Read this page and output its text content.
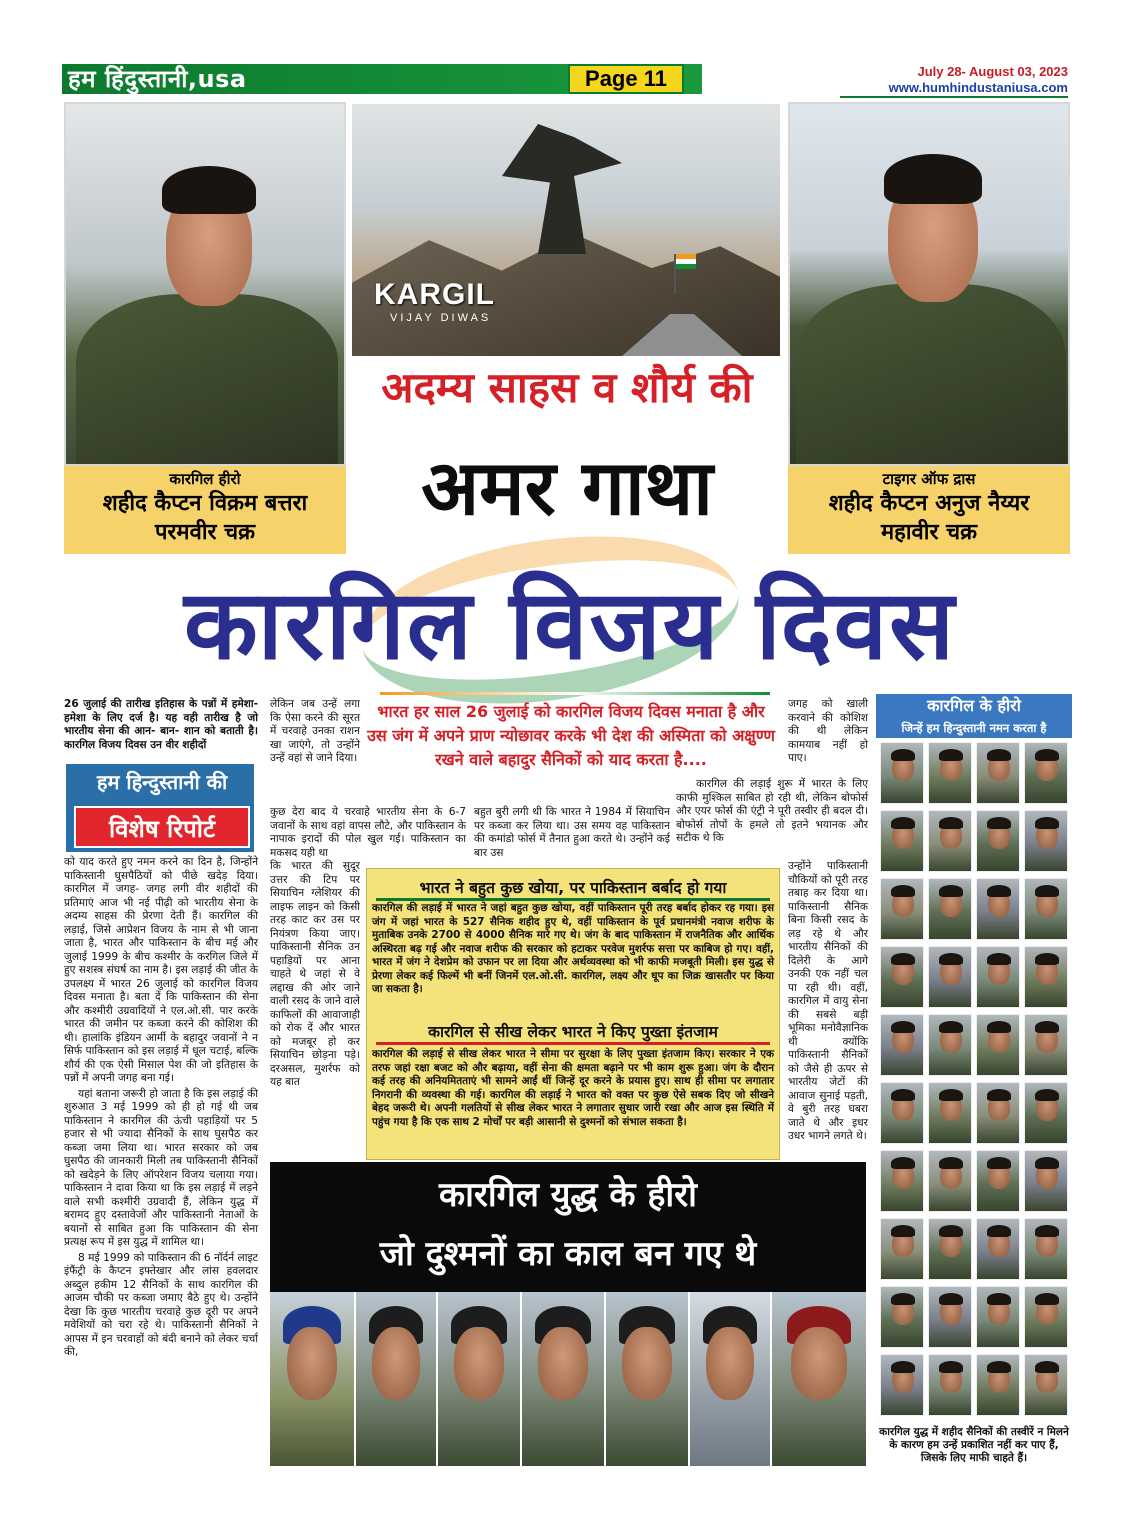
हम हिंदुस्तानी,usa	Page 11	July 28- August 03, 2023
www.humhindustaniusa.com
कारगिल हीरो
शहीद कैप्टन विक्रम बत्तरा
परमवीर चक्र
टाइगर ऑफ द्रास
शहीद कैप्टन अनुज नैय्यर
महावीर चक्र
KARGIL
VIJAY DIWAS
अदम्य साहस व शौर्य की
अमर गाथा
कारगिल विजय दिवस
26 जुलाई की तारीख इतिहास के पन्नों में हमेशा- हमेशा के लिए दर्ज है। यह वही तारीख है जो भारतीय सेना की आन- बान- शान को बताती है। कारगिल विजय दिवस उन वीर शहीदों
हम हिन्दुस्तानी की
विशेष रिपोर्ट

को याद करते हुए नमन करने का दिन है, जिन्होंने पाकिस्तानी घुसपैठियों को पीछे खदेड़ दिया। कारगिल में जगह- जगह लगी वीर शहीदों की प्रतिमाएं आज भी नई पीढ़ी को भारतीय सेना के अदम्य साहस की प्रेरणा देती हैं। कारगिल की लड़ाई, जिसे आप्रेशन विजय के नाम से भी जाना जाता है, भारत और पाकिस्तान के बीच मई और जुलाई 1999 के बीच कश्मीर के करगिल जिले में हुए सशस्त्र संघर्ष का नाम है। इस लड़ाई की जीत के उपलक्ष्य में भारत 26 जुलाई को कारगिल विजय दिवस मनाता है। बता दें कि पाकिस्तान की सेना और कश्मीरी उग्रवादियों ने एल.ओ.सी. पार करके भारत की जमीन पर कब्जा करने की कोशिश की थी। हालांकि इंडियन आर्मी के बहादुर जवानों ने न सिर्फ पाकिस्तान को इस लड़ाई में धूल चटाई, बल्कि शौर्य की एक ऐसी मिसाल पेश की जो इतिहास के पन्नों में अपनी जगह बना गई।

यहां बताना जरूरी हो जाता है कि इस लड़ाई की शुरुआत 3 मई 1999 को ही हो गई थी जब पाकिस्तान ने कारगिल की ऊंची पहाड़ियों पर 5 हजार से भी ज्यादा सैनिकों के साथ घुसपैठ कर कब्जा जमा लिया था। भारत सरकार को जब घुसपैठ की जानकारी मिली तब पाकिस्तानी सैनिकों को खदेड़ने के लिए ऑपरेशन विजय चलाया गया। पाकिस्तान ने दावा किया था कि इस लड़ाई में लड़ने वाले सभी कश्मीरी उग्रवादी हैं, लेकिन युद्ध में बरामद हुए दस्तावेजों और पाकिस्तानी नेताओं के बयानों से साबित हुआ कि पाकिस्तान की सेना प्रत्यक्ष रूप में इस युद्ध में शामिल था।

8 मई 1999 को पाकिस्तान की 6 नॉर्दर्न लाइट इंफैंट्री के कैप्टन इफ्तेखार और लांस हवलदार अब्दुल हकीम 12 सैनिकों के साथ कारगिल की आजम चौकी पर कब्जा जमाए बैठे हुए थे। उन्होंने देखा कि कुछ भारतीय चरवाहे कुछ दूरी पर अपने मवेशियों को चरा रहे थे। पाकिस्तानी सैनिकों ने आपस में इन चरवाहों को बंदी बनाने को लेकर चर्चा की,

लेकिन जब उन्हें लगा कि ऐसा करने की सूरत में चरवाहे उनका राशन खा जाएंगे, तो उन्होंने उन्हें वहां से जाने दिया।
भारत हर साल 26 जुलाई को कारगिल विजय दिवस मनाता है और उस जंग में अपने प्राण न्योछावर करके भी देश की अस्मिता को अक्षुण्ण रखने वाले बहादुर सैनिकों को याद करता है....
कुछ देरा बाद ये चरवाहे भारतीय सेना के 6-7 जवानों के साथ वहां वापस लौटे, और पाकिस्तान के नापाक इरादों की पोल खुल गई। पाकिस्तान का मकसद यही था
कि भारत की सुदूर उत्तर की टिप पर सियाचिन ग्लेशियर की लाइफ लाइन को किसी तरह काट कर उस पर नियंत्रण किया जाए। पाकिस्तानी सैनिक उन पहाड़ियों पर आना चाहते थे जहां से वे लद्दाख की ओर जाने वाली रसद के जाने वाले काफिलों की आवाजाही को रोक दें और भारत को मजबूर हो कर सियाचिन छोड़ना पड़े। दरअसल, मुशर्रफ को यह बात
बहुत बुरी लगी थी कि भारत ने 1984 में सियाचिन पर कब्जा कर लिया था। उस समय वह पाकिस्तान की कमांडो फोर्स में तैनात हुआ करते थे। उन्होंने कई बार उस
जगह को खाली करवाने की कोशिश की थी लेकिन कामयाब नहीं हो पाए।
कारगिल की लड़ाई शुरू में भारत के लिए काफी मुश्किल साबित हो रही थी, लेकिन बोफोर्स और एयर फोर्स की एंट्री ने पूरी तस्वीर ही बदल दी। बोफोर्स तोपों के हमले तो इतने भयानक और सटीक थे कि
उन्होंने पाकिस्तानी चौकियों को पूरी तरह तबाह कर दिया था। पाकिस्तानी सैनिक बिना किसी रसद के लड़ रहे थे और भारतीय सैनिकों की दिलेरी के आगे उनकी एक नहीं चल पा रही थी। वहीं, कारगिल में वायु सेना की सबसे बड़ी भूमिका मनोवैज्ञानिक थी क्योंकि पाकिस्तानी सैनिकों को जैसे ही ऊपर से भारतीय जेटों की आवाज सुनाई पड़ती, वे बुरी तरह घबरा जाते थे और इधर उधर भागने लगते थे।
भारत ने बहुत कुछ खोया, पर पाकिस्तान बर्बाद हो गया
कारगिल की लड़ाई में भारत ने जहां बहुत कुछ खोया, वहीं पाकिस्तान पूरी तरह बर्बाद होकर रह गया। इस जंग में जहां भारत के 527 सैनिक शहीद हुए थे, वहीं पाकिस्तान के पूर्व प्रधानमंत्री नवाज शरीफ के मुताबिक उनके 2700 से 4000 सैनिक मारे गए थे। जंग के बाद पाकिस्तान में राजनैतिक और आर्थिक अस्थिरता बढ़ गई और नवाज शरीफ की सरकार को हटाकर परवेज मुशर्रफ सत्ता पर काबिज हो गए। वहीं, भारत में जंग ने देशप्रेम को उफान पर ला दिया और अर्थव्यवस्था को भी काफी मजबूती मिली। इस युद्ध से प्रेरणा लेकर कई फिल्में भी बनीं जिनमें एल.ओ.सी. कारगिल, लक्ष्य और धूप का जिक्र खासतौर पर किया जा सकता है।
कारगिल से सीख लेकर भारत ने किए पुख्ता इंतजाम
कारगिल की लड़ाई से सीख लेकर भारत ने सीमा पर सुरक्षा के लिए पुख्ता इंतजाम किए। सरकार ने एक तरफ जहां रक्षा बजट को और बढ़ाया, वहीं सेना की क्षमता बढ़ाने पर भी काम शुरू हुआ। जंग के दौरान कई तरह की अनियमितताएं भी सामने आईं थीं जिन्हें दूर करने के प्रयास हुए। साथ ही सीमा पर लगातार निगरानी की व्यवस्था की गई। कारगिल की लड़ाई ने भारत को वक्त पर कुछ ऐसे सबक दिए जो सीखने बेहद जरूरी थे। अपनी गलतियों से सीख लेकर भारत ने लगातार सुधार जारी रखा और आज इस स्थिति में पहुंच गया है कि एक साथ 2 मोर्चों पर बड़ी आसानी से दुश्मनों को संभाल सकता है।
कारगिल युद्ध के हीरो
जो दुश्मनों का काल बन गए थे
कारगिल के हीरो
जिन्हें हम हिन्दुस्तानी नमन करता है
कारगिल युद्ध में शहीद सैनिकों की तस्वीरें न मिलने के कारण हम उन्हें प्रकाशित नहीं कर पाए हैं, जिसके लिए माफी चाहते हैं।
